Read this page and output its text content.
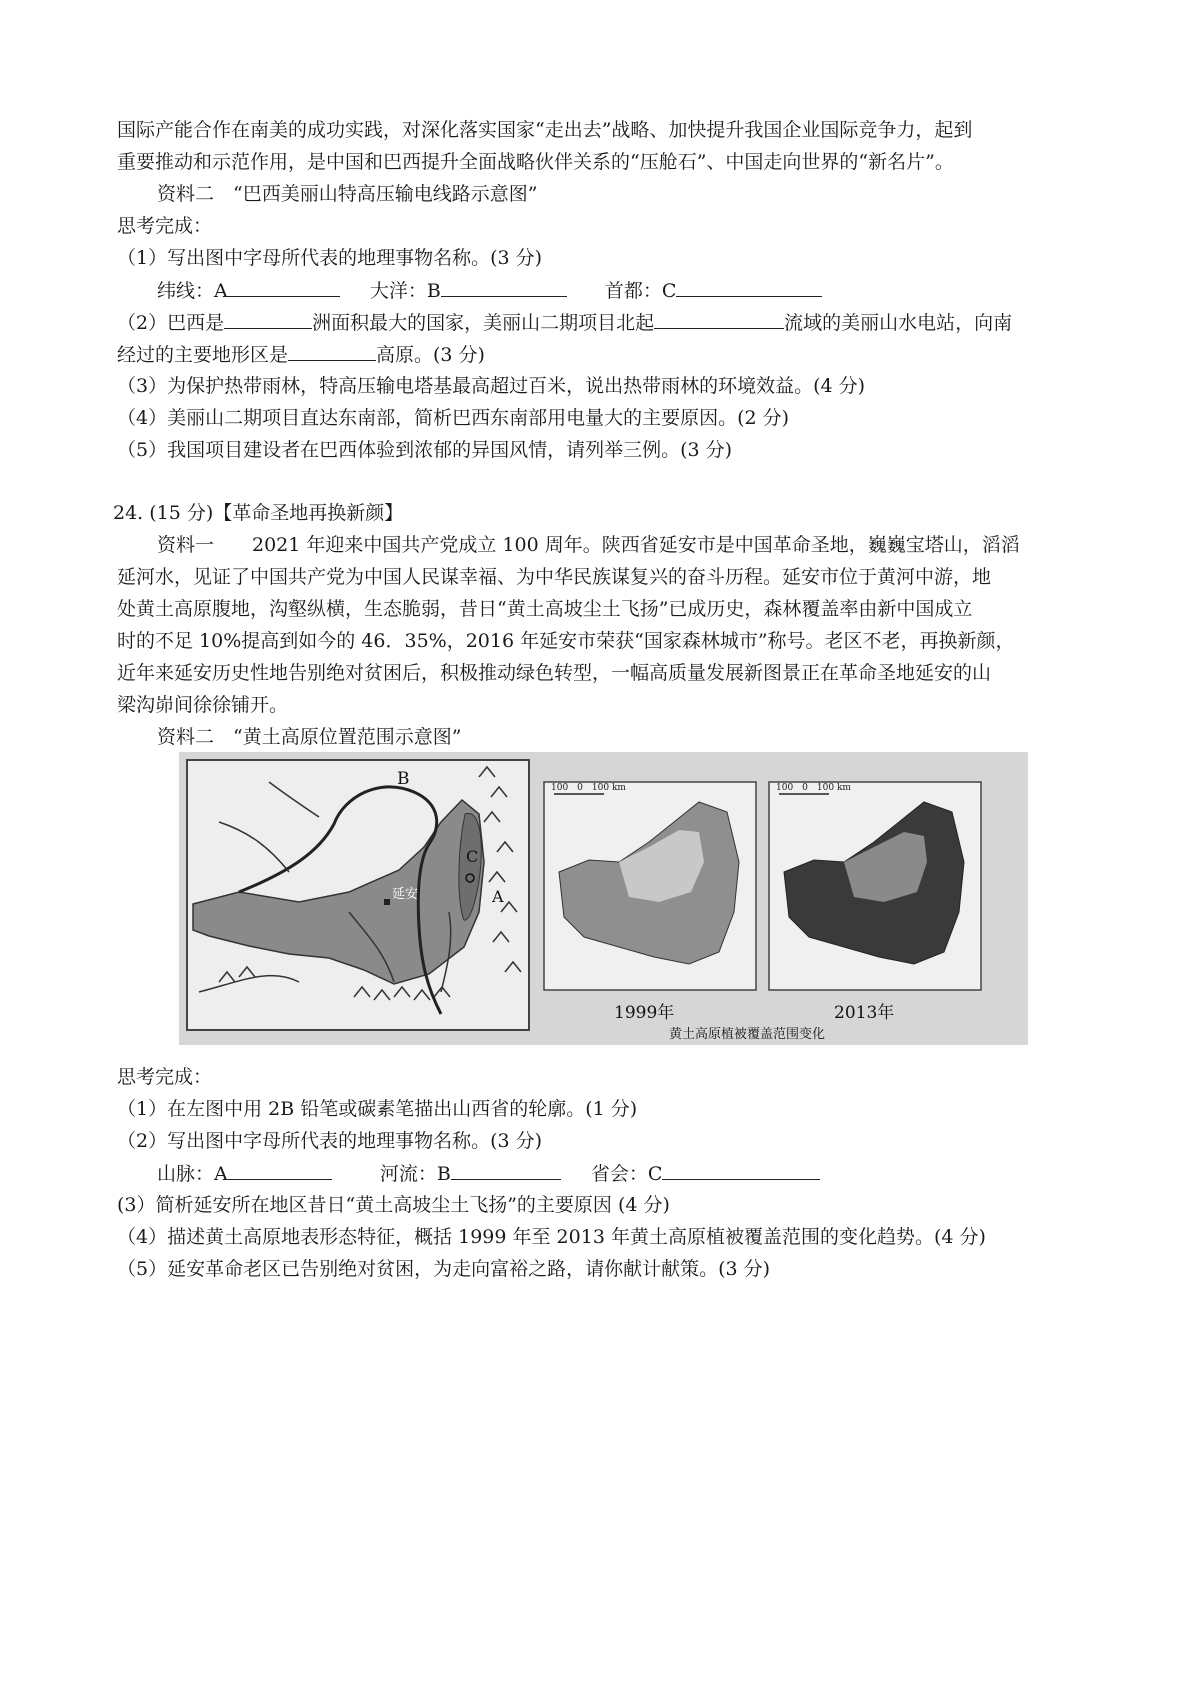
国际产能合作在南美的成功实践，对深化落实国家“走出去”战略、加快提升我国企业国际竞争力，起到
重要推动和示范作用，是中国和巴西提升全面战略伙伴关系的“压舱石”、中国走向世界的“新名片”。
资料二　“巴西美丽山特高压输电线路示意图”
思考完成：
（1）写出图中字母所代表的地理事物名称。(3 分)
纬线：A	大洋：B	首都：C
（2）巴西是	洲面积最大的国家，美丽山二期项目北起	流域的美丽山水电站，向南
经过的主要地形区是	高原。(3 分)
（3）为保护热带雨林，特高压输电塔基最高超过百米，说出热带雨林的环境效益。(4 分)
（4）美丽山二期项目直达东南部，简析巴西东南部用电量大的主要原因。(2 分)
（5）我国项目建设者在巴西体验到浓郁的异国风情，请列举三例。(3 分)
24. (15 分)【革命圣地再换新颜】
资料一　　2021 年迎来中国共产党成立 100 周年。陕西省延安市是中国革命圣地，巍巍宝塔山，滔滔
延河水，见证了中国共产党为中国人民谋幸福、为中华民族谋复兴的奋斗历程。延安市位于黄河中游，地
处黄土高原腹地，沟壑纵横，生态脆弱，昔日“黄土高坡尘土飞扬”已成历史，森林覆盖率由新中国成立
时的不足 10%提高到如今的 46．35%，2016 年延安市荣获“国家森林城市”称号。老区不老，再换新颜，
近年来延安历史性地告别绝对贫困后，积极推动绿色转型，一幅高质量发展新图景正在革命圣地延安的山
梁沟峁间徐徐铺开。
资料二　“黄土高原位置范围示意图”
B
C
A
延安
100　0　100 km
1999年
100　0　100 km
2013年
黄土高原植被覆盖范围变化
思考完成：
（1）在左图中用 2B 铅笔或碳素笔描出山西省的轮廓。(1 分)
（2）写出图中字母所代表的地理事物名称。(3 分)
山脉：A	河流：B	省会：C
(3）简析延安所在地区昔日“黄土高坡尘土飞扬”的主要原因 (4 分)
（4）描述黄土高原地表形态特征，概括 1999 年至 2013 年黄土高原植被覆盖范围的变化趋势。(4 分)
（5）延安革命老区已告别绝对贫困，为走向富裕之路，请你献计献策。(3 分)
